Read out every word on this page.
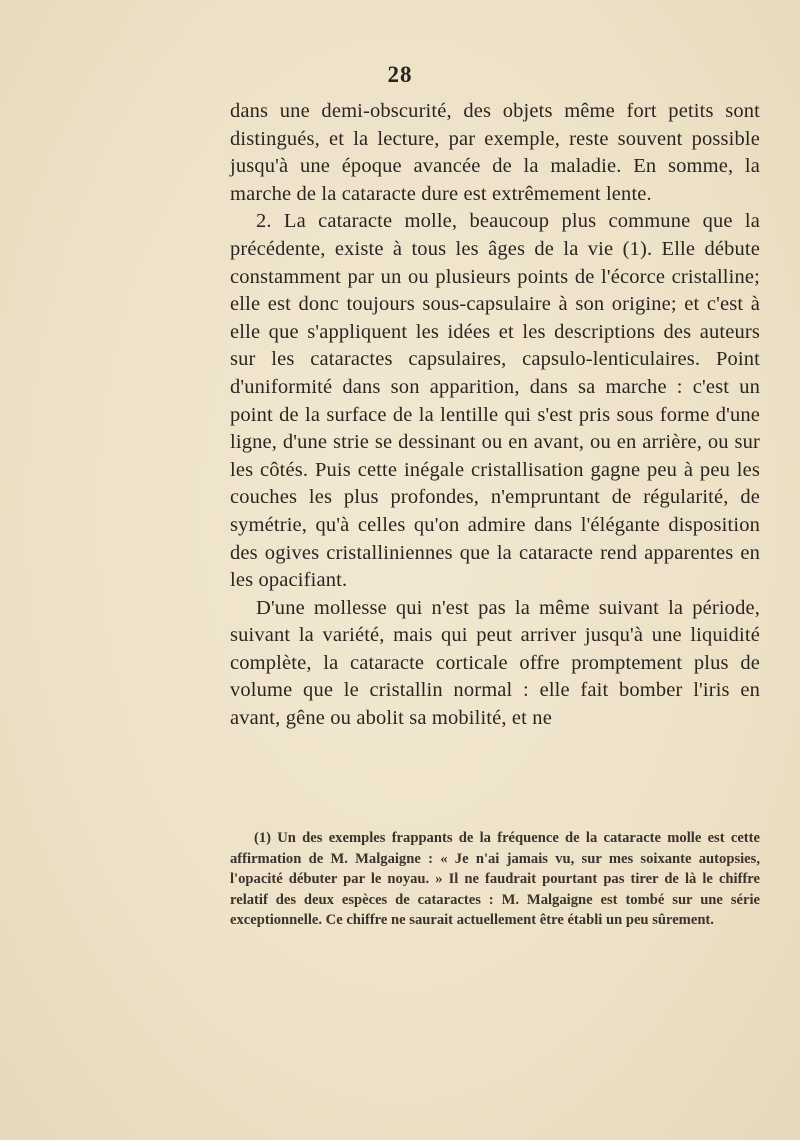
28

dans une demi-obscurité, des objets même fort petits sont distingués, et la lecture, par exemple, reste souvent possible jusqu'à une époque avancée de la maladie. En somme, la marche de la cataracte dure est extrêmement lente.

2. La cataracte molle, beaucoup plus commune que la précédente, existe à tous les âges de la vie (1). Elle débute constamment par un ou plusieurs points de l'écorce cristalline; elle est donc toujours sous-capsulaire à son origine; et c'est à elle que s'appliquent les idées et les descriptions des auteurs sur les cataractes capsulaires, capsulo-lenticulaires. Point d'uniformité dans son apparition, dans sa marche : c'est un point de la surface de la lentille qui s'est pris sous forme d'une ligne, d'une strie se dessinant ou en avant, ou en arrière, ou sur les côtés. Puis cette inégale cristallisation gagne peu à peu les couches les plus profondes, n'empruntant de régularité, de symétrie, qu'à celles qu'on admire dans l'élégante disposition des ogives cristalliniennes que la cataracte rend apparentes en les opacifiant.

D'une mollesse qui n'est pas la même suivant la période, suivant la variété, mais qui peut arriver jusqu'à une liquidité complète, la cataracte corticale offre promptement plus de volume que le cristallin normal : elle fait bomber l'iris en avant, gêne ou abolit sa mobilité, et ne

(1) Un des exemples frappants de la fréquence de la cataracte molle est cette affirmation de M. Malgaigne : « Je n'ai jamais vu, sur mes soixante autopsies, l'opacité débuter par le noyau. » Il ne faudrait pourtant pas tirer de là le chiffre relatif des deux espèces de cataractes : M. Malgaigne est tombé sur une série exceptionnelle. Ce chiffre ne saurait actuellement être établi un peu sûrement.
